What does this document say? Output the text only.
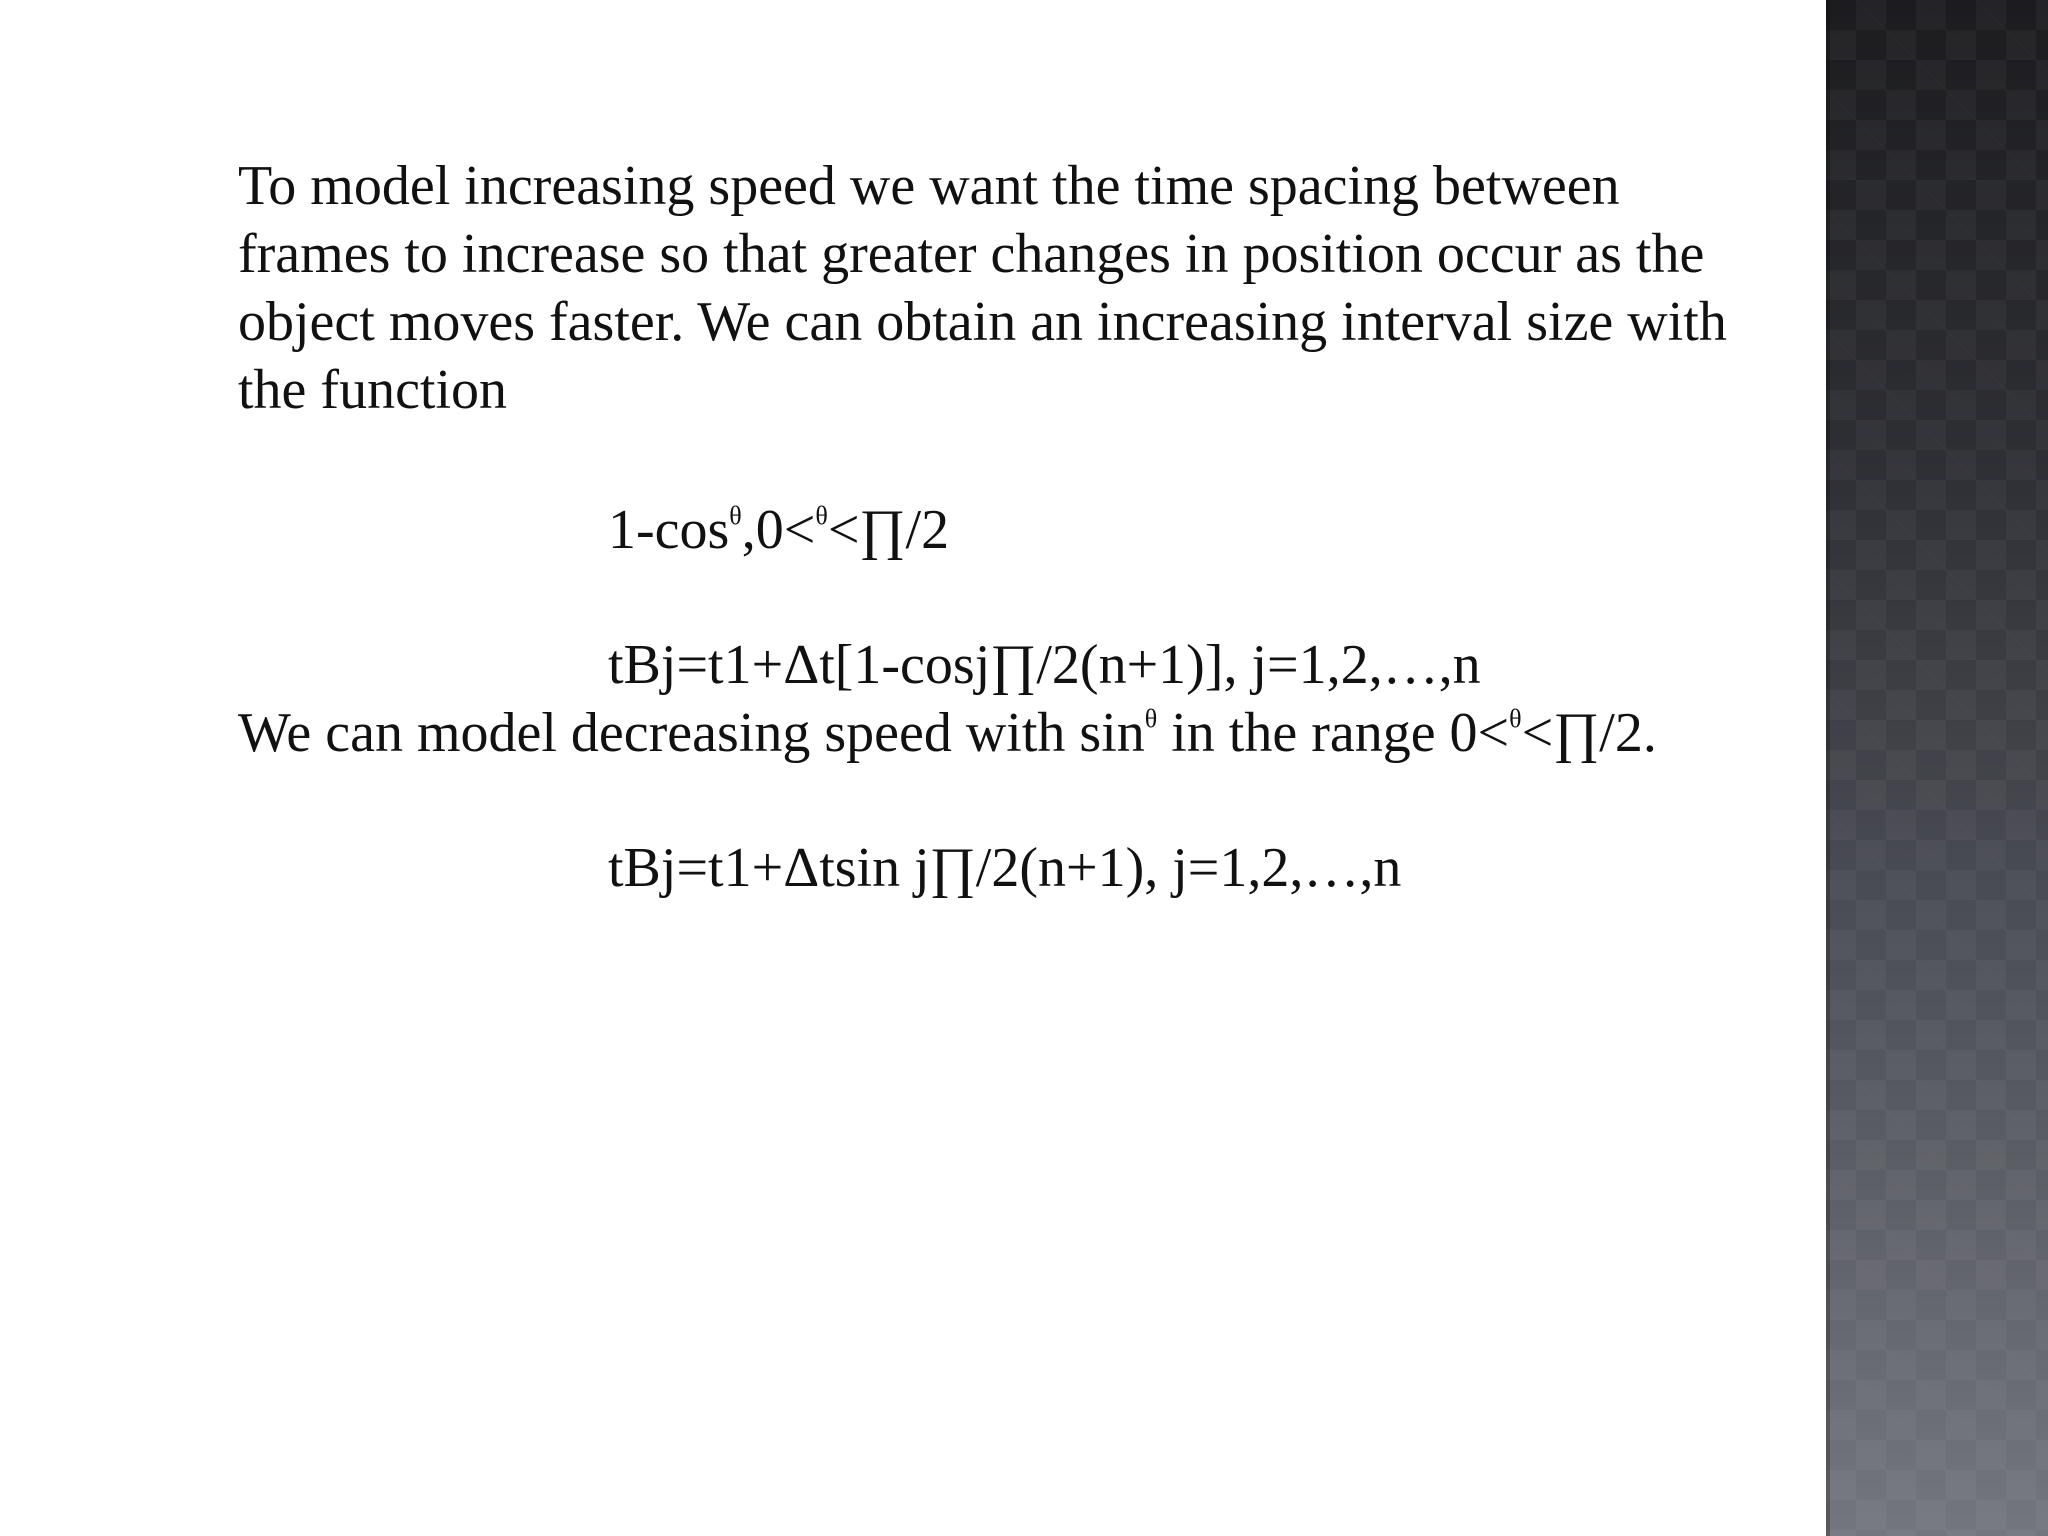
To model increasing speed we want the time spacing between
frames to increase so that greater changes in position occur as the
object moves faster. We can obtain an increasing interval size with
the function
$1-\cos^\theta,0<^\theta<\prod/2$
tBj=t1+Δt[1-cosj∏/2(n+1)], j=1,2,…,n
We can model decreasing speed with $\sin^\theta$ in the range 0<$^\theta$<∏/2.
tBj=t1+Δtsin j∏/2(n+1), j=1,2,…,n
